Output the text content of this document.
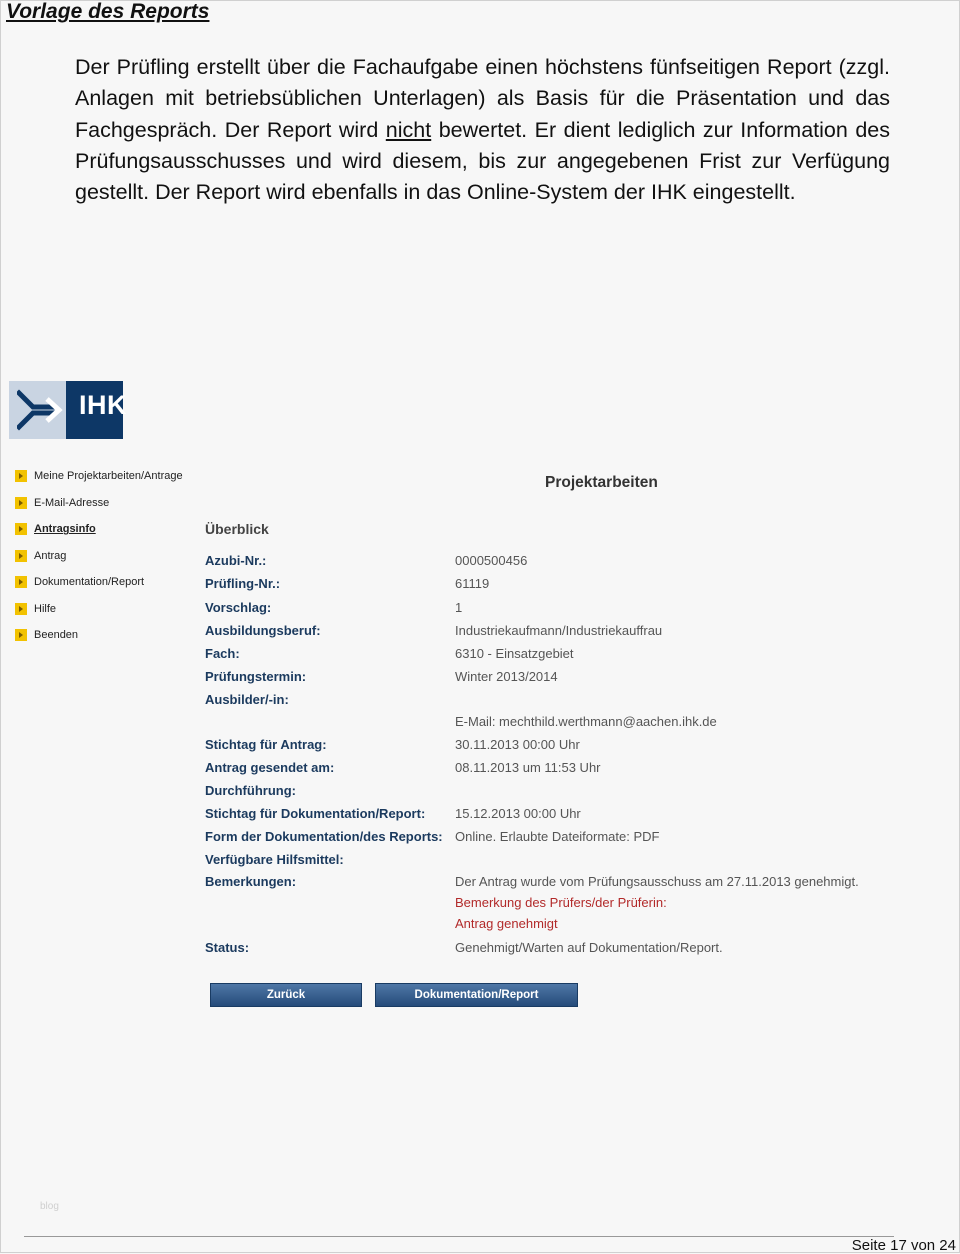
Vorlage des Reports

Der Prüfling erstellt über die Fachaufgabe einen höchstens fünfseitigen Report (zzgl. Anlagen mit betriebsüblichen Unterlagen) als Basis für die Präsentation und das Fachgespräch. Der Report wird nicht bewertet. Er dient lediglich zur Information des Prüfungsausschusses und wird diesem, bis zur angegebenen Frist zur Verfügung gestellt. Der Report wird ebenfalls in das Online-System der IHK eingestellt.

IHK
Meine Projektarbeiten/Antrage
E-Mail-Adresse
Antragsinfo
Antrag
Dokumentation/Report
Hilfe
Beenden
Projektarbeiten
Überblick
Azubi-Nr.:	0000500456
Prüfling-Nr.:	61119
Vorschlag:	1
Ausbildungsberuf:	Industriekaufmann/Industriekauffrau
Fach:	6310 - Einsatzgebiet
Prüfungstermin:	Winter 2013/2014
Ausbilder/-in:
E-Mail: mechthild.werthmann@aachen.ihk.de
Stichtag für Antrag:	30.11.2013 00:00 Uhr
Antrag gesendet am:	08.11.2013 um 11:53 Uhr
Durchführung:
Stichtag für Dokumentation/Report: 15.12.2013 00:00 Uhr
Form der Dokumentation/des Reports: Online. Erlaubte Dateiformate: PDF
Verfügbare Hilfsmittel:
Bemerkungen:	Der Antrag wurde vom Prüfungsausschuss am 27.11.2013 genehmigt.
Bemerkung des Prüfers/der Prüferin:
Antrag genehmigt
Status:	Genehmigt/Warten auf Dokumentation/Report.
Zurück	Dokumentation/Report
blog
Seite 17 von 24
